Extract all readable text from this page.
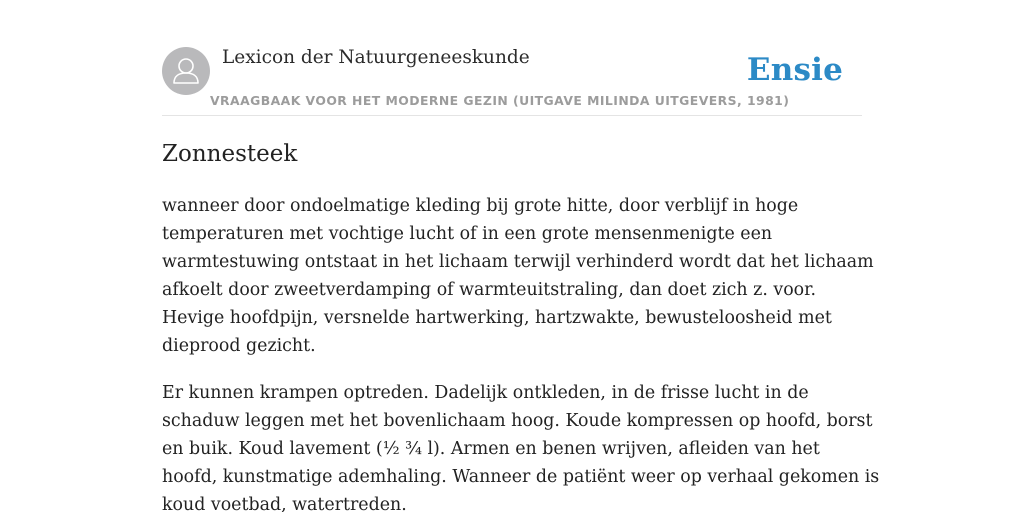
Lexicon der Natuurgeneeskunde
VRAAGBAAK VOOR HET MODERNE GEZIN (UITGAVE MILINDA UITGEVERS, 1981)
Ensie
Zonnesteek

wanneer door ondoelmatige kleding bij grote hitte, door verblijf in hoge
temperaturen met vochtige lucht of in een grote mensenmenigte een
warmtestuwing ontstaat in het lichaam terwijl verhinderd wordt dat het lichaam
afkoelt door zweetverdamping of warmteuitstraling, dan doet zich z. voor.
Hevige hoofdpijn, versnelde hartwerking, hartzwakte, bewusteloosheid met
dieprood gezicht.

Er kunnen krampen optreden. Dadelijk ontkleden, in de frisse lucht in de
schaduw leggen met het bovenlichaam hoog. Koude kompressen op hoofd, borst
en buik. Koud lavement (½ ¾ l). Armen en benen wrijven, afleiden van het
hoofd, kunstmatige ademhaling. Wanneer de patiënt weer op verhaal gekomen is
koud voetbad, watertreden.
